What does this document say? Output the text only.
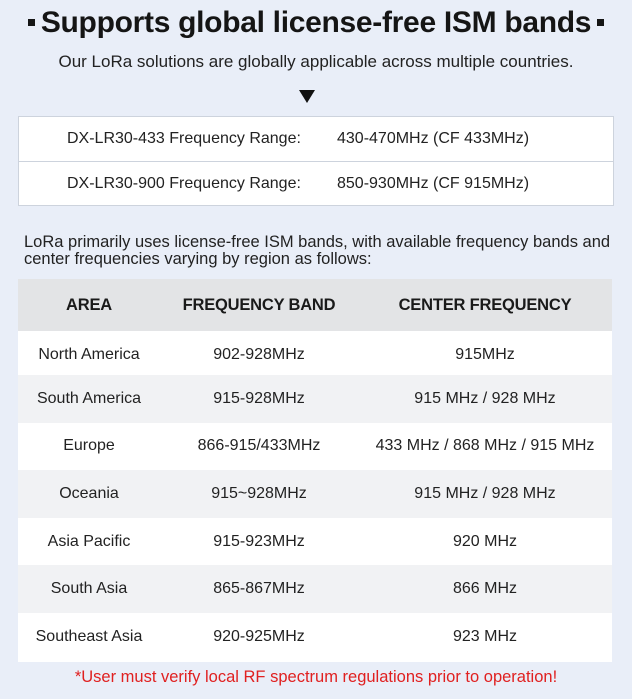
Supports global license-free ISM bands
Our LoRa solutions are globally applicable across multiple countries.
DX-LR30-433 Frequency Range: 430-470MHz (CF 433MHz)
DX-LR30-900 Frequency Range: 850-930MHz (CF 915MHz)
LoRa primarily uses license-free ISM bands, with available frequency bands and center frequencies varying by region as follows:
AREA	FREQUENCY BAND	CENTER FREQUENCY
North America	902-928MHz	915MHz
South America	915-928MHz	915 MHz / 928 MHz
Europe	866-915/433MHz	433 MHz / 868 MHz / 915 MHz
Oceania	915~928MHz	915 MHz / 928 MHz
Asia Pacific	915-923MHz	920 MHz
South Asia	865-867MHz	866 MHz
Southeast Asia	920-925MHz	923 MHz
*User must verify local RF spectrum regulations prior to operation!
